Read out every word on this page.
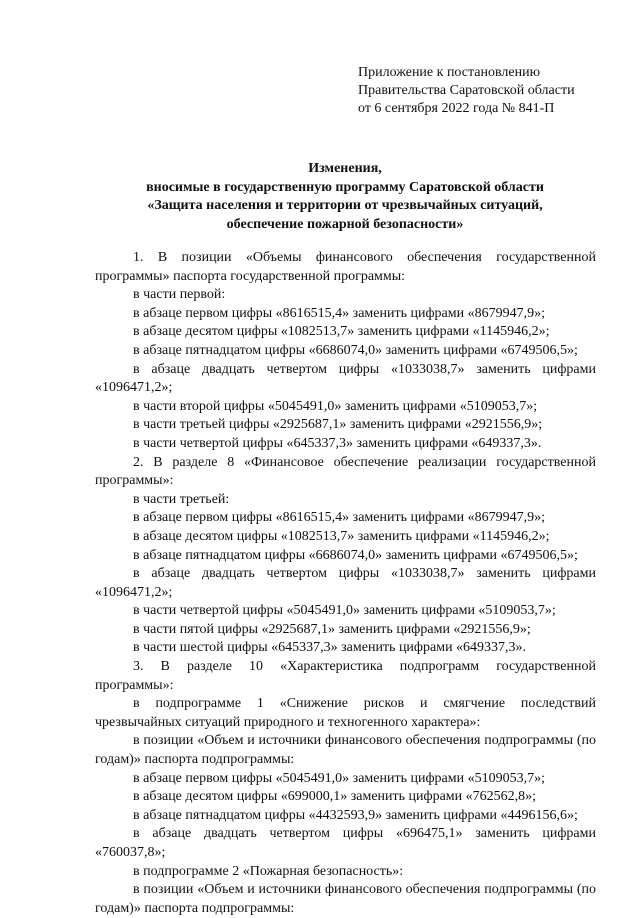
Приложение к постановлению
Правительства Саратовской области
от 6 сентября 2022 года № 841-П
Изменения,
вносимые в государственную программу Саратовской области
«Защита населения и территории от чрезвычайных ситуаций,
обеспечение пожарной безопасности»

1. В позиции «Объемы финансового обеспечения государственной программы» паспорта государственной программы:

в части первой:

в абзаце первом цифры «8616515,4» заменить цифрами «8679947,9»;

в абзаце десятом цифры «1082513,7» заменить цифрами «1145946,2»;

в абзаце пятнадцатом цифры «6686074,0» заменить цифрами «6749506,5»;

в абзаце двадцать четвертом цифры «1033038,7» заменить цифрами «1096471,2»;

в части второй цифры «5045491,0» заменить цифрами «5109053,7»;

в части третьей цифры «2925687,1» заменить цифрами «2921556,9»;

в части четвертой цифры «645337,3» заменить цифрами «649337,3».

2. В разделе 8 «Финансовое обеспечение реализации государственной программы»:

в части третьей:

в абзаце первом цифры «8616515,4» заменить цифрами «8679947,9»;

в абзаце десятом цифры «1082513,7» заменить цифрами «1145946,2»;

в абзаце пятнадцатом цифры «6686074,0» заменить цифрами «6749506,5»;

в абзаце двадцать четвертом цифры «1033038,7» заменить цифрами «1096471,2»;

в части четвертой цифры «5045491,0» заменить цифрами «5109053,7»;

в части пятой цифры «2925687,1» заменить цифрами «2921556,9»;

в части шестой цифры «645337,3» заменить цифрами «649337,3».

3. В разделе 10 «Характеристика подпрограмм государственной программы»:

в подпрограмме 1 «Снижение рисков и смягчение последствий чрезвычайных ситуаций природного и техногенного характера»:

в позиции «Объем и источники финансового обеспечения подпрограммы (по годам)» паспорта подпрограммы:

в абзаце первом цифры «5045491,0» заменить цифрами «5109053,7»;

в абзаце десятом цифры «699000,1» заменить цифрами «762562,8»;

в абзаце пятнадцатом цифры «4432593,9» заменить цифрами «4496156,6»;

в абзаце двадцать четвертом цифры «696475,1» заменить цифрами «760037,8»;

в подпрограмме 2 «Пожарная безопасность»:

в позиции «Объем и источники финансового обеспечения подпрограммы (по годам)» паспорта подпрограммы:
